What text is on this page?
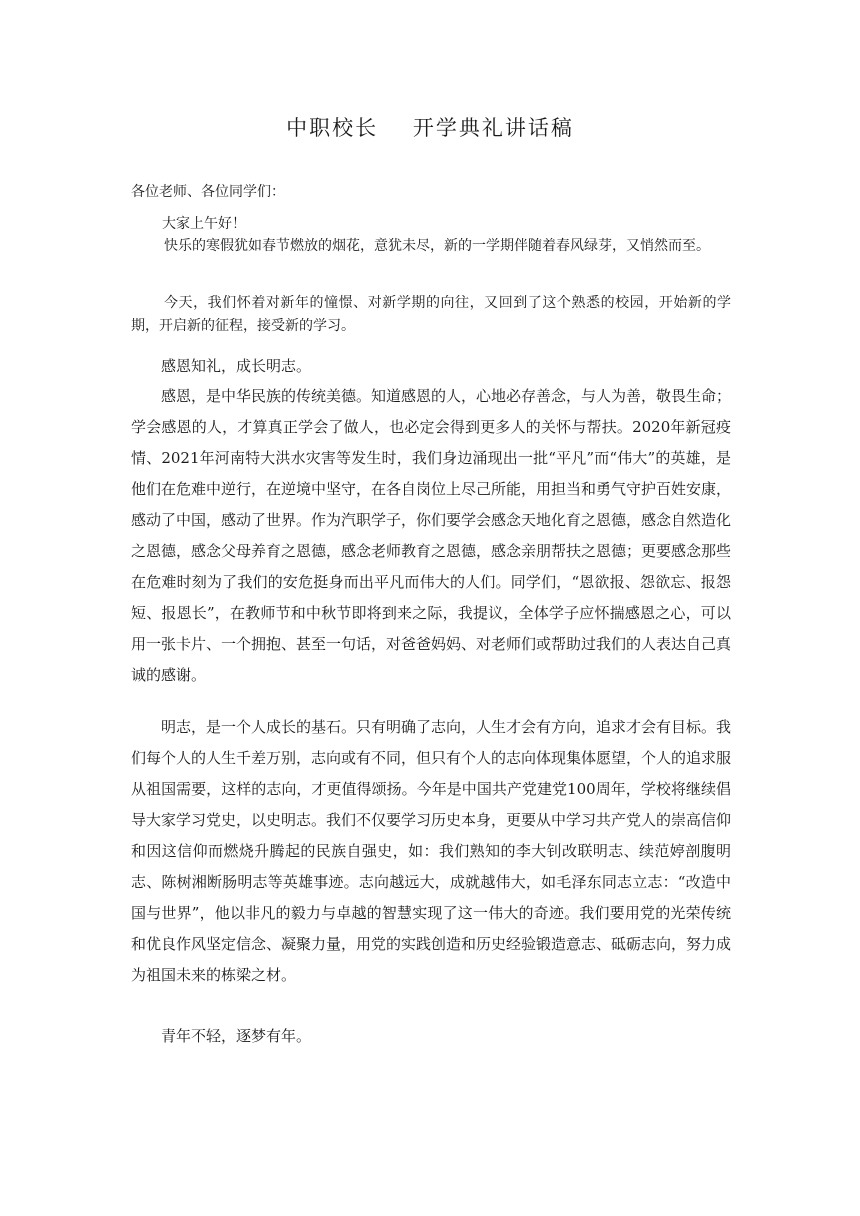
中职校长    开学典礼讲话稿

各位老师、各位同学们：

大家上午好！

快乐的寒假犹如春节燃放的烟花，意犹未尽，新的一学期伴随着春风绿芽，又悄然而至。

今天，我们怀着对新年的憧憬、对新学期的向往，又回到了这个熟悉的校园，开始新的学期，开启新的征程，接受新的学习。

感恩知礼，成长明志。

感恩，是中华民族的传统美德。知道感恩的人，心地必存善念，与人为善，敬畏生命；学会感恩的人，才算真正学会了做人，也必定会得到更多人的关怀与帮扶。2020年新冠疫情、2021年河南特大洪水灾害等发生时，我们身边涌现出一批“平凡”而“伟大”的英雄，是他们在危难中逆行，在逆境中坚守，在各自岗位上尽己所能，用担当和勇气守护百姓安康，感动了中国，感动了世界。作为汽职学子，你们要学会感念天地化育之恩德，感念自然造化之恩德，感念父母养育之恩德，感念老师教育之恩德，感念亲朋帮扶之恩德；更要感念那些在危难时刻为了我们的安危挺身而出平凡而伟大的人们。同学们，“恩欲报、怨欲忘、报怨短、报恩长”，在教师节和中秋节即将到来之际，我提议，全体学子应怀揣感恩之心，可以用一张卡片、一个拥抱、甚至一句话，对爸爸妈妈、对老师们或帮助过我们的人表达自己真诚的感谢。

明志，是一个人成长的基石。只有明确了志向，人生才会有方向，追求才会有目标。我们每个人的人生千差万别，志向或有不同，但只有个人的志向体现集体愿望，个人的追求服从祖国需要，这样的志向，才更值得颂扬。今年是中国共产党建党100周年，学校将继续倡导大家学习党史，以史明志。我们不仅要学习历史本身，更要从中学习共产党人的崇高信仰和因这信仰而燃烧升腾起的民族自强史，如：我们熟知的李大钊改联明志、续范婷剖腹明志、陈树湘断肠明志等英雄事迹。志向越远大，成就越伟大，如毛泽东同志立志：“改造中国与世界”，他以非凡的毅力与卓越的智慧实现了这一伟大的奇迹。我们要用党的光荣传统和优良作风坚定信念、凝聚力量，用党的实践创造和历史经验锻造意志、砥砺志向，努力成为祖国未来的栋梁之材。

青年不轻，逐梦有年。
